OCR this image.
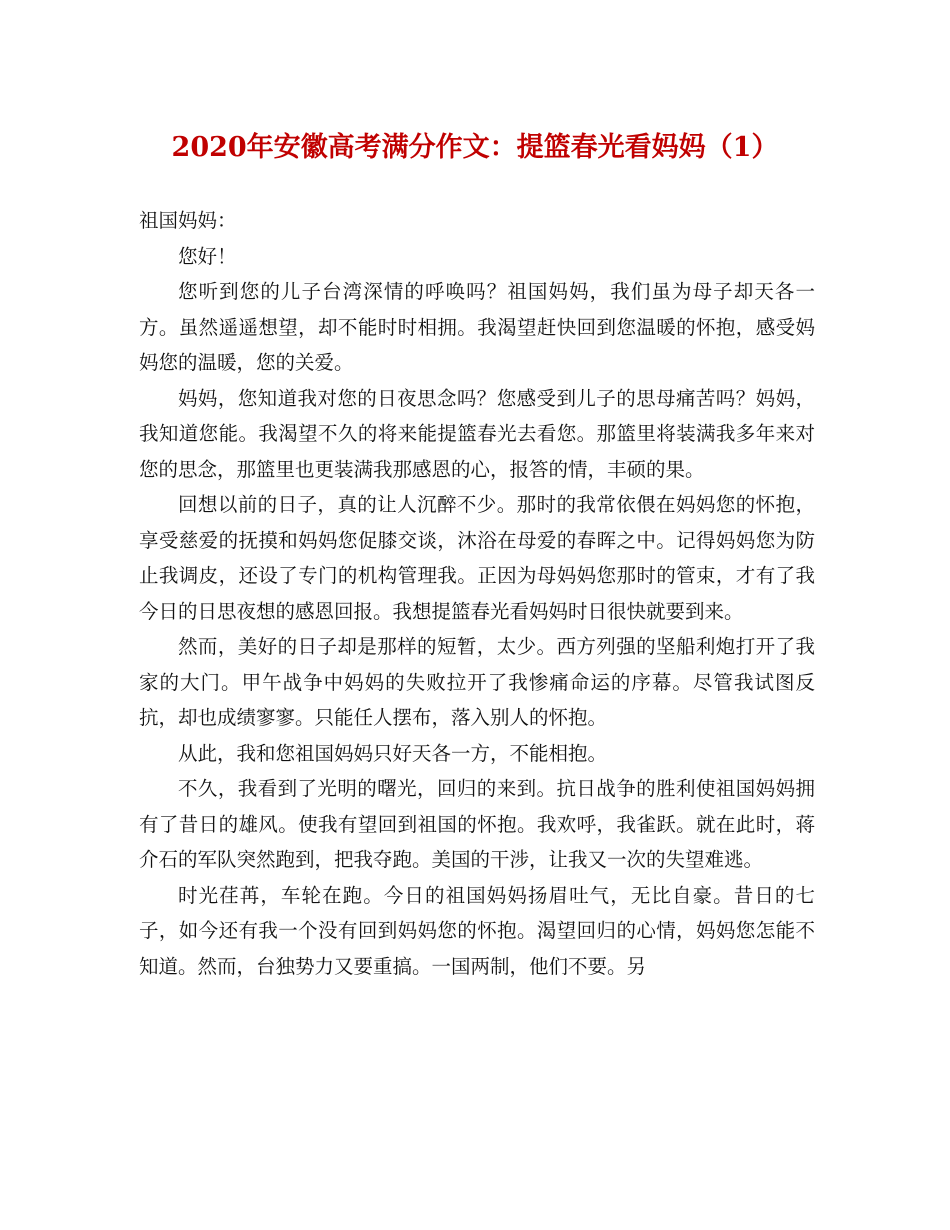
2020年安徽高考满分作文：提篮春光看妈妈（1）

祖国妈妈：

您好！

您听到您的儿子台湾深情的呼唤吗？祖国妈妈，我们虽为母子却天各一方。虽然遥遥想望，却不能时时相拥。我渴望赶快回到您温暖的怀抱，感受妈妈您的温暖，您的关爱。

妈妈，您知道我对您的日夜思念吗？您感受到儿子的思母痛苦吗？妈妈，我知道您能。我渴望不久的将来能提篮春光去看您。那篮里将装满我多年来对您的思念，那篮里也更装满我那感恩的心，报答的情，丰硕的果。

回想以前的日子，真的让人沉醉不少。那时的我常依偎在妈妈您的怀抱，享受慈爱的抚摸和妈妈您促膝交谈，沐浴在母爱的春晖之中。记得妈妈您为防止我调皮，还设了专门的机构管理我。正因为母妈妈您那时的管束，才有了我今日的日思夜想的感恩回报。我想提篮春光看妈妈时日很快就要到来。

然而，美好的日子却是那样的短暂，太少。西方列强的坚船利炮打开了我家的大门。甲午战争中妈妈的失败拉开了我惨痛命运的序幕。尽管我试图反抗，却也成绩寥寥。只能任人摆布，落入别人的怀抱。

从此，我和您祖国妈妈只好天各一方，不能相抱。

不久，我看到了光明的曙光，回归的来到。抗日战争的胜利使祖国妈妈拥有了昔日的雄风。使我有望回到祖国的怀抱。我欢呼，我雀跃。就在此时，蒋介石的军队突然跑到，把我夺跑。美国的干涉，让我又一次的失望难逃。

时光荏苒，车轮在跑。今日的祖国妈妈扬眉吐气，无比自豪。昔日的七子，如今还有我一个没有回到妈妈您的怀抱。渴望回归的心情，妈妈您怎能不知道。然而，台独势力又要重搞。一国两制，他们不要。另
